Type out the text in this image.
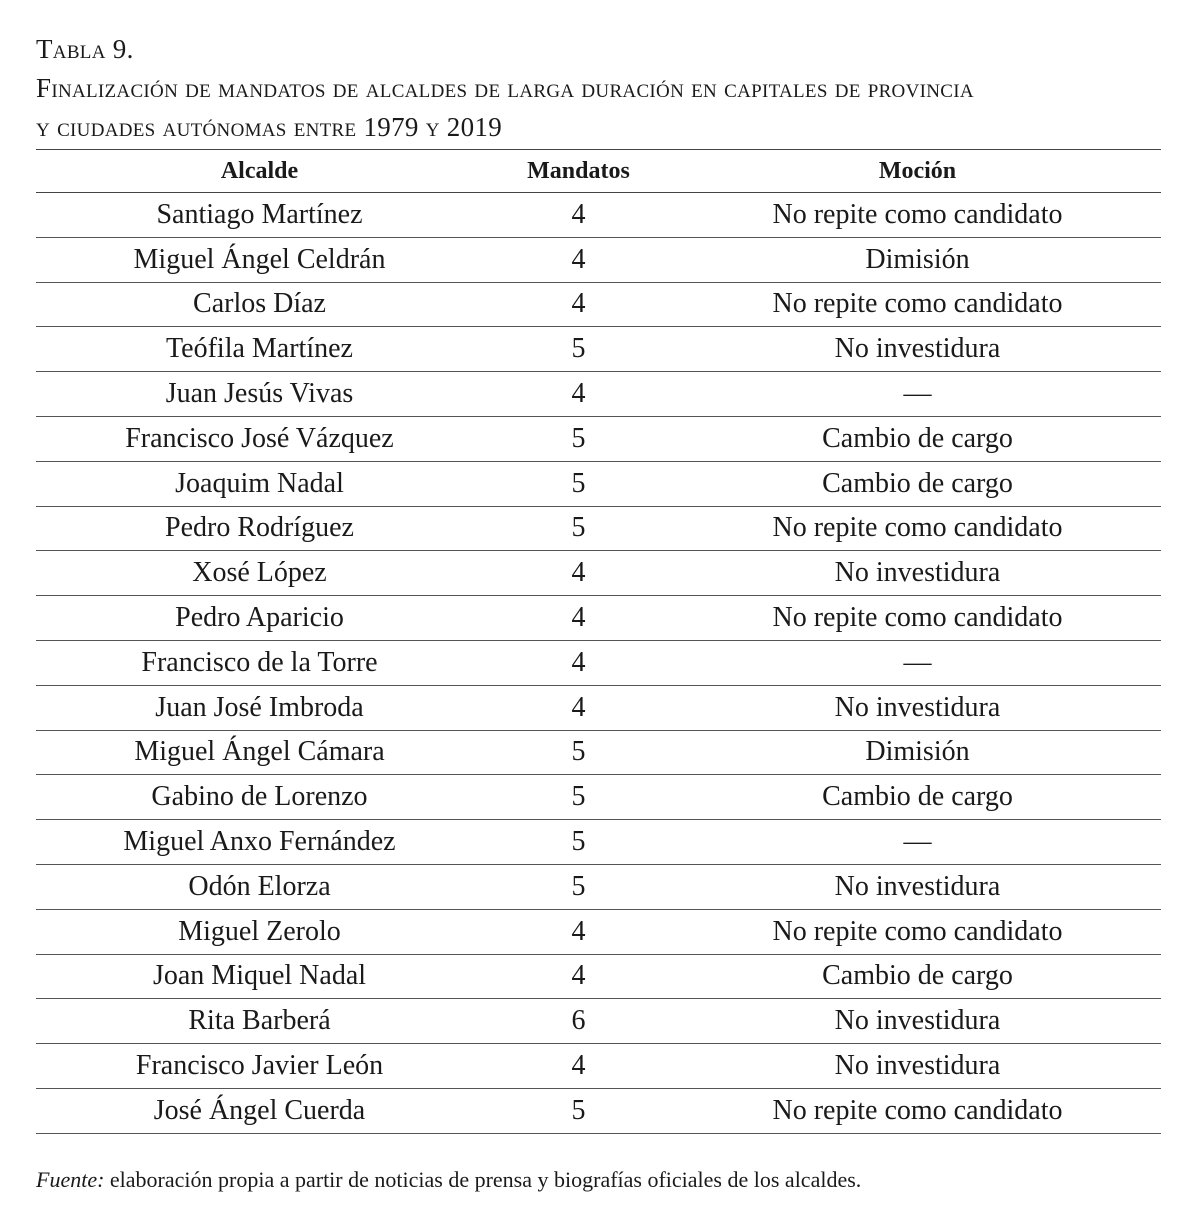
Tabla 9.
Finalización de mandatos de alcaldes de larga duración en capitales de provincia
y ciudades autónomas entre 1979 y 2019
Alcalde	Mandatos	Moción
Santiago Martínez	4	No repite como candidato
Miguel Ángel Celdrán	4	Dimisión
Carlos Díaz	4	No repite como candidato
Teófila Martínez	5	No investidura
Juan Jesús Vivas	4	—
Francisco José Vázquez	5	Cambio de cargo
Joaquim Nadal	5	Cambio de cargo
Pedro Rodríguez	5	No repite como candidato
Xosé López	4	No investidura
Pedro Aparicio	4	No repite como candidato
Francisco de la Torre	4	—
Juan José Imbroda	4	No investidura
Miguel Ángel Cámara	5	Dimisión
Gabino de Lorenzo	5	Cambio de cargo
Miguel Anxo Fernández	5	—
Odón Elorza	5	No investidura
Miguel Zerolo	4	No repite como candidato
Joan Miquel Nadal	4	Cambio de cargo
Rita Barberá	6	No investidura
Francisco Javier León	4	No investidura
José Ángel Cuerda	5	No repite como candidato
Fuente: elaboración propia a partir de noticias de prensa y biografías oficiales de los alcaldes.
